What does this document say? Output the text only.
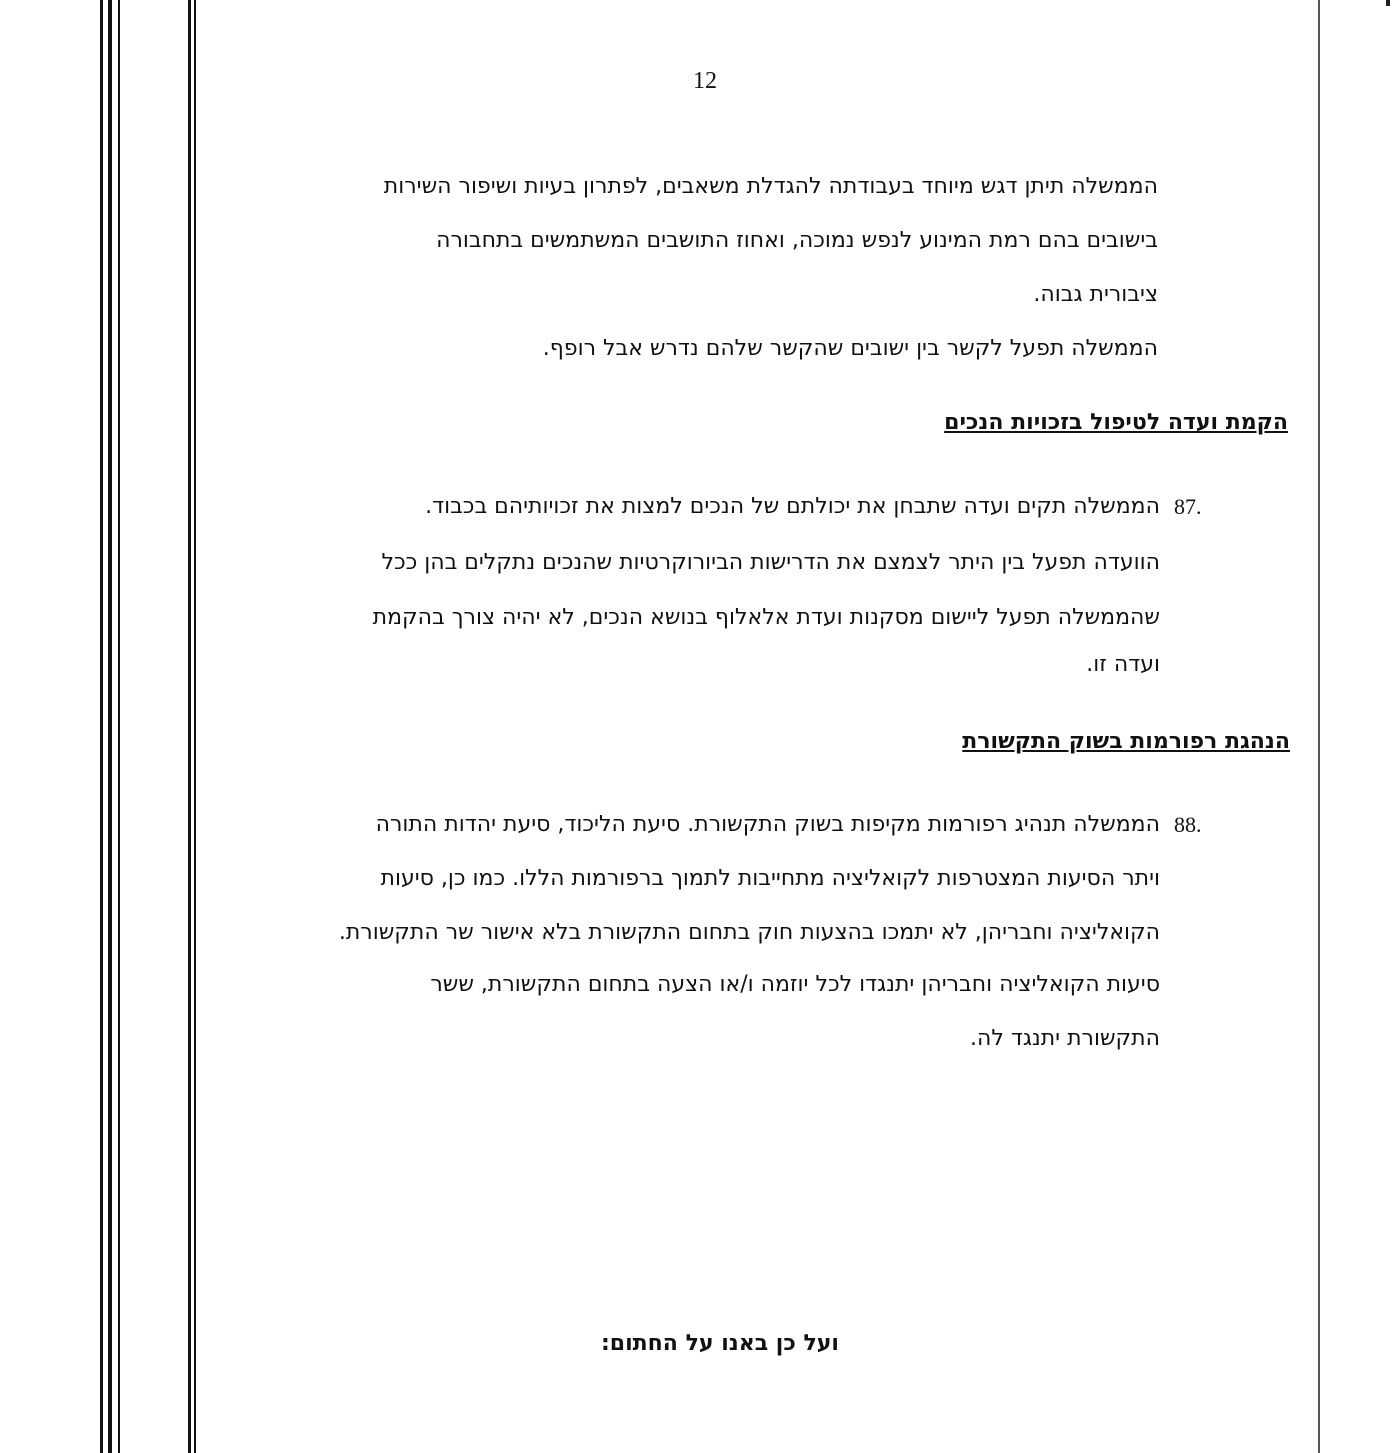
12
הממשלה תיתן דגש מיוחד בעבודתה להגדלת משאבים, לפתרון בעיות ושיפור השירות
בישובים בהם רמת המינוע לנפש נמוכה, ואחוז התושבים המשתמשים בתחבורה
ציבורית גבוה.
הממשלה תפעל לקשר בין ישובים שהקשר שלהם נדרש אבל רופף.
הקמת ועדה לטיפול בזכויות הנכים
87.
הממשלה תקים ועדה שתבחן את יכולתם של הנכים למצות את זכויותיהם בכבוד.
הוועדה תפעל בין היתר לצמצם את הדרישות הביורוקרטיות שהנכים נתקלים בהן ככל
שהממשלה תפעל ליישום מסקנות ועדת אלאלוף בנושא הנכים, לא יהיה צורך בהקמת
ועדה זו.
הנהגת רפורמות בשוק התקשורת
88.
הממשלה תנהיג רפורמות מקיפות בשוק התקשורת. סיעת הליכוד, סיעת יהדות התורה
ויתר הסיעות המצטרפות לקואליציה מתחייבות לתמוך ברפורמות הללו. כמו כן, סיעות
הקואליציה וחבריהן, לא יתמכו בהצעות חוק בתחום התקשורת בלא אישור שר התקשורת.
סיעות הקואליציה וחבריהן יתנגדו לכל יוזמה ו/או הצעה בתחום התקשורת, ששר
התקשורת יתנגד לה.
ועל כן באנו על החתום:
